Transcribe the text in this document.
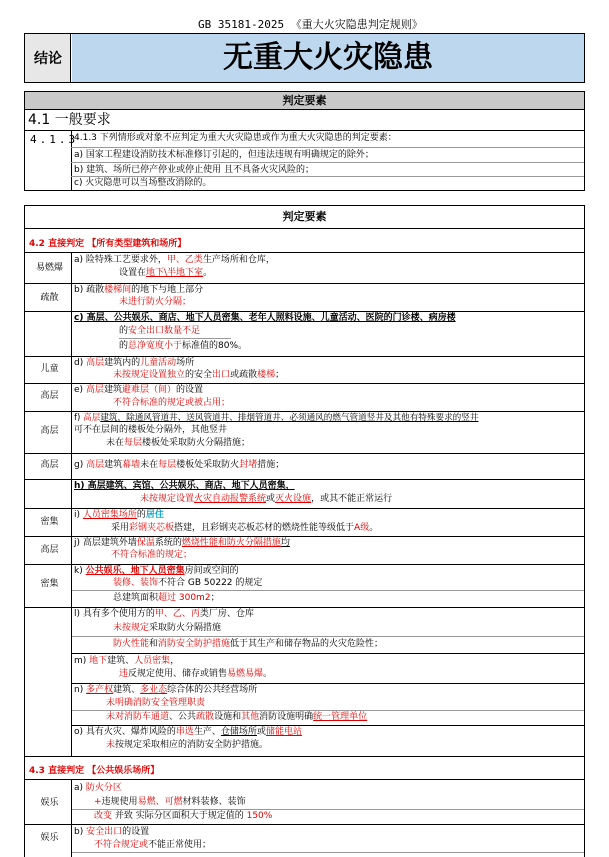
GB 35181-2025 《重大火灾隐患判定规则》
结论	无重大火灾隐患
判定要素
4.1 一般要求
4.1.3
4.1.3 下列情形或对象不应判定为重大火灾隐患或作为重大火灾隐患的判定要素：
a) 国家工程建设消防技术标准修订引起的，但违法违规有明确规定的除外；
b) 建筑、场所已停产停业或停止使用 且不具备火灾风险的；
c) 火灾隐患可以当场整改消除的。
判定要素
4.2 直接判定 【所有类型建筑和场所】
易燃爆
a) 险特殊工艺要求外，甲、乙类生产场所和仓库，
设置在地下\半地下室。
疏散
b) 疏散楼梯间的地下与地上部分
未进行防火分隔；
c) 高层、公共娱乐、商店、地下人员密集、老年人照料设施、儿童活动、医院的门诊楼、病房楼
的安全出口数量不足
的总净宽度小于标准值的80%。
儿童
d) 高层建筑内的儿童活动场所
未按规定设置独立的安全出口或疏散楼梯；
高层
e) 高层建筑避难层（间）的设置
不符合标准的规定或被占用；
高层
f) 高层建筑，除通风管道井、送风管道井、排烟管道井、必须通风的燃气管道竖井及其他有特殊要求的竖井
可不在层间的楼板处分隔外，其他竖井
未在每层楼板处采取防火分隔措施；
高层	g) 高层建筑幕墙未在每层楼板处采取防火封堵措施；
h) 高层建筑、宾馆、公共娱乐、商店、地下人员密集，
未按规定设置火灾自动报警系统或灭火设施，或其不能正常运行
密集
i) 人员密集场所的居住
采用彩钢夹芯板搭建，且彩钢夹芯板芯材的燃烧性能等级低于A级。
高层
j) 高层建筑外墙保温系统的燃烧性能和防火分隔措施均
不符合标准的规定；
密集
k) 公共娱乐、地下人员密集房间或空间的
装修、装饰不符合 GB 50222 的规定
总建筑面积超过 300m2；
l) 具有多个使用方的甲、乙、丙类厂房、仓库
未按规定采取防火分隔措施
防火性能和消防安全防护措施低于其生产和储存物品的火灾危险性；
m) 地下建筑、人员密集，
违反规定使用、储存或销售易燃易爆。
n) 多产权建筑、多业态综合体的公共经营场所
未明确消防安全管理职责
未对消防车通道、公共疏散设施和其他消防设施明确统一管理单位
o) 具有火灾、爆炸风险的串选生产、仓储场所或储能电站
未按规定采取相应的消防安全防护措施。
4.3 直接判定 【公共娱乐场所】
娱乐
a) 防火分区
+违规使用易燃、可燃材料装修、装饰
改变 并致 实际分区面积大于规定值的 150%
娱乐
b) 安全出口的设置
不符合规定或不能正常使用；
